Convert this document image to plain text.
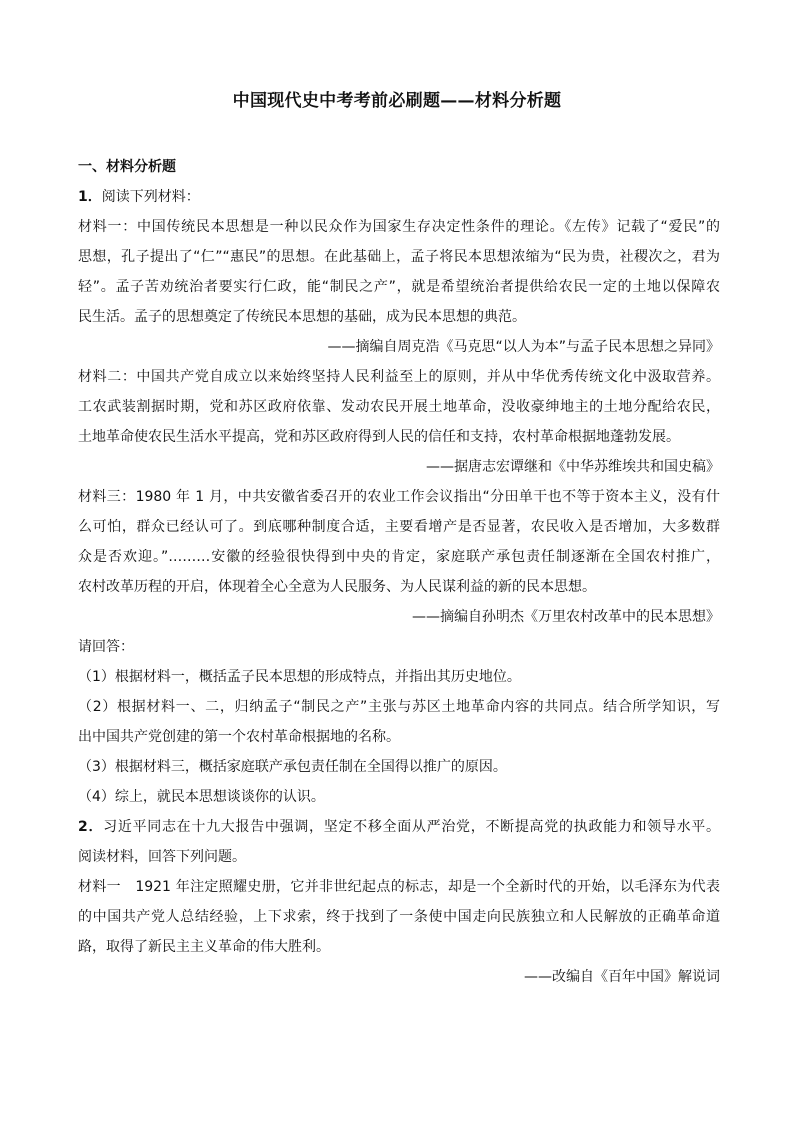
中国现代史中考考前必刷题——材料分析题
一、材料分析题
1．阅读下列材料：
材料一：中国传统民本思想是一种以民众作为国家生存决定性条件的理论。《左传》记载了“爱民”的
思想，孔子提出了“仁”“惠民”的思想。在此基础上，孟子将民本思想浓缩为“民为贵，社稷次之，君为
轻”。孟子苦劝统治者要实行仁政，能“制民之产”，就是希望统治者提供给农民一定的土地以保障农
民生活。孟子的思想奠定了传统民本思想的基础，成为民本思想的典范。
——摘编自周克浩《马克思“以人为本”与孟子民本思想之异同》
材料二：中国共产党自成立以来始终坚持人民利益至上的原则，并从中华优秀传统文化中汲取营养。
工农武装割据时期，党和苏区政府依靠、发动农民开展土地革命，没收豪绅地主的土地分配给农民，
土地革命使农民生活水平提高，党和苏区政府得到人民的信任和支持，农村革命根据地蓬勃发展。
——据唐志宏谭继和《中华苏维埃共和国史稿》
材料三：1980 年 1 月，中共安徽省委召开的农业工作会议指出“分田单干也不等于资本主义，没有什
么可怕，群众已经认可了。到底哪种制度合适，主要看增产是否显著，农民收入是否增加，大多数群
众是否欢迎。”………安徽的经验很快得到中央的肯定，家庭联产承包责任制逐渐在全国农村推广，
农村改革历程的开启，体现着全心全意为人民服务、为人民谋利益的新的民本思想。
——摘编自孙明杰《万里农村改革中的民本思想》
请回答：
（1）根据材料一，概括孟子民本思想的形成特点，并指出其历史地位。
（2）根据材料一、二，归纳孟子“制民之产”主张与苏区土地革命内容的共同点。结合所学知识，写
出中国共产党创建的第一个农村革命根据地的名称。
（3）根据材料三，概括家庭联产承包责任制在全国得以推广的原因。
（4）综上，就民本思想谈谈你的认识。
2．习近平同志在十九大报告中强调，坚定不移全面从严治党，不断提高党的执政能力和领导水平。
阅读材料，回答下列问题。
材料一　1921 年注定照耀史册，它并非世纪起点的标志，却是一个全新时代的开始，以毛泽东为代表
的中国共产党人总结经验，上下求索，终于找到了一条使中国走向民族独立和人民解放的正确革命道
路，取得了新民主主义革命的伟大胜利。
——改编自《百年中国》解说词
